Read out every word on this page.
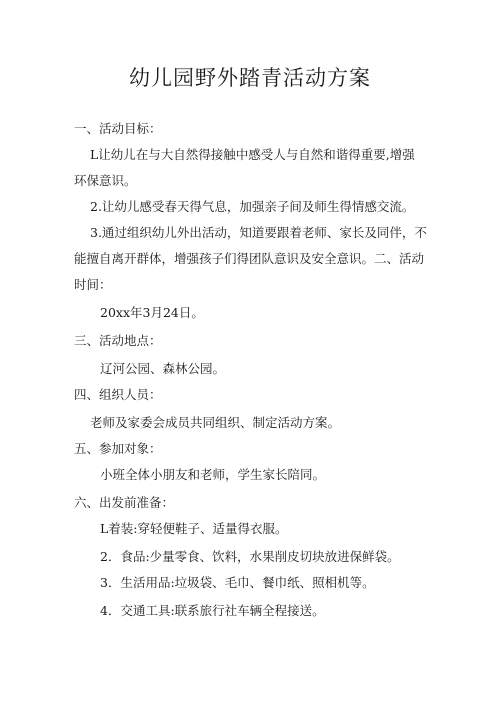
幼儿园野外踏青活动方案
一、活动目标：
L让幼儿在与大自然得接触中感受人与自然和谐得重要,增强
环保意识。
2.让幼儿感受春天得气息，加强亲子间及师生得情感交流。
3.通过组织幼儿外出活动，知道要跟着老师、家长及同伴，不
能擅自离开群体，增强孩子们得团队意识及安全意识。二、活动
时间：
20xx年3月24日。
三、活动地点：
辽河公园、森林公园。
四、组织人员：
老师及家委会成员共同组织、制定活动方案。
五、参加对象：
小班全体小朋友和老师，学生家长陪同。
六、出发前准备：
L着装:穿轻便鞋子、适量得衣服。
2．食品:少量零食、饮料，水果削皮切块放进保鲜袋。
3．生活用品:垃圾袋、毛巾、餐巾纸、照相机等。
4．交通工具:联系旅行社车辆全程接送。
